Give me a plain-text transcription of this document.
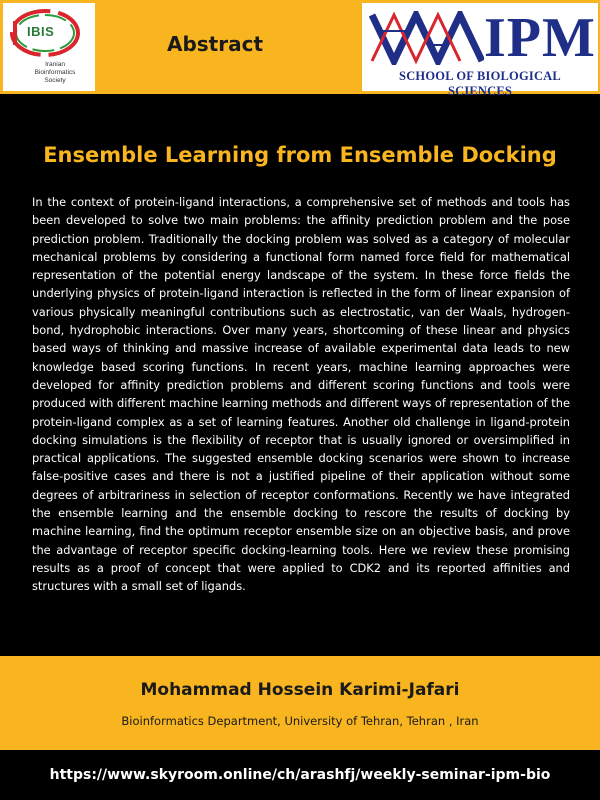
IBIS
Iranian
Bioinformatics
Society
Abstract	IPM
SCHOOL OF BIOLOGICAL SCIENCES
Ensemble Learning from Ensemble Docking

In the context of protein-ligand interactions, a comprehensive set of methods and tools has been developed to solve two main problems: the affinity prediction problem and the pose prediction problem. Traditionally the docking problem was solved as a category of molecular mechanical problems by considering a functional form named force field for mathematical representation of the potential energy landscape of the system. In these force fields the underlying physics of protein-ligand interaction is reflected in the form of linear expansion of various physically meaningful contributions such as electrostatic, van der Waals, hydrogen-bond, hydrophobic interactions. Over many years, shortcoming of these linear and physics based ways of thinking and massive increase of available experimental data leads to new knowledge based scoring functions. In recent years, machine learning approaches were developed for affinity prediction problems and different scoring functions and tools were produced with different machine learning methods and different ways of representation of the protein-ligand complex as a set of learning features. Another old challenge in ligand-protein docking simulations is the flexibility of receptor that is usually ignored or oversimplified in practical applications. The suggested ensemble docking scenarios were shown to increase false-positive cases and there is not a justified pipeline of their application without some degrees of arbitrariness in selection of receptor conformations. Recently we have integrated the ensemble learning and the ensemble docking to rescore the results of docking by machine learning, find the optimum receptor ensemble size on an objective basis, and prove the advantage of receptor specific docking-learning tools. Here we review these promising results as a proof of concept that were applied to CDK2 and its reported affinities and structures with a small set of ligands.

Mohammad Hossein Karimi-Jafari
Bioinformatics Department, University of Tehran, Tehran , Iran
https://www.skyroom.online/ch/arashfj/weekly-seminar-ipm-bio
